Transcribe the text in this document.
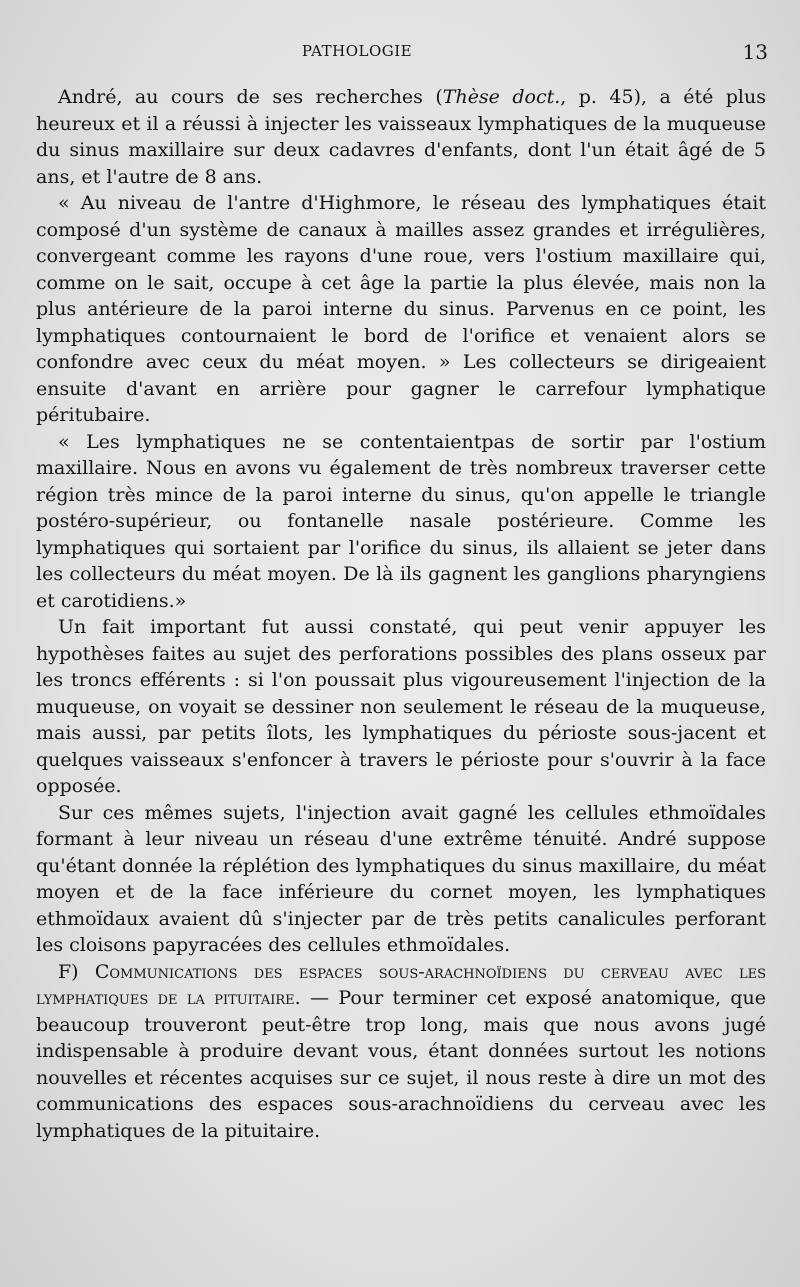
PATHOLOGIE	13

André, au cours de ses recherches (Thèse doct., p. 45), a été plus heureux et il a réussi à injecter les vaisseaux lymphatiques de la muqueuse du sinus maxillaire sur deux cadavres d'enfants, dont l'un était âgé de 5 ans, et l'autre de 8 ans.

« Au niveau de l'antre d'Highmore, le réseau des lymphatiques était composé d'un système de canaux à mailles assez grandes et irrégulières, convergeant comme les rayons d'une roue, vers l'ostium maxillaire qui, comme on le sait, occupe à cet âge la partie la plus élevée, mais non la plus antérieure de la paroi interne du sinus. Parvenus en ce point, les lymphatiques contournaient le bord de l'orifice et venaient alors se confondre avec ceux du méat moyen. » Les collecteurs se dirigeaient ensuite d'avant en arrière pour gagner le carrefour lymphatique péritubaire.

« Les lymphatiques ne se contentaientpas de sortir par l'ostium maxillaire. Nous en avons vu également de très nombreux traverser cette région très mince de la paroi interne du sinus, qu'on appelle le triangle postéro-supérieur, ou fontanelle nasale postérieure. Comme les lymphatiques qui sortaient par l'orifice du sinus, ils allaient se jeter dans les collecteurs du méat moyen. De là ils gagnent les ganglions pharyngiens et carotidiens.»

Un fait important fut aussi constaté, qui peut venir appuyer les hypothèses faites au sujet des perforations possibles des plans osseux par les troncs efférents : si l'on poussait plus vigoureusement l'injection de la muqueuse, on voyait se dessiner non seulement le réseau de la muqueuse, mais aussi, par petits îlots, les lymphatiques du périoste sous-jacent et quelques vaisseaux s'enfoncer à travers le périoste pour s'ouvrir à la face opposée.

Sur ces mêmes sujets, l'injection avait gagné les cellules ethmoïdales formant à leur niveau un réseau d'une extrême ténuité. André suppose qu'étant donnée la réplétion des lymphatiques du sinus maxillaire, du méat moyen et de la face inférieure du cornet moyen, les lymphatiques ethmoïdaux avaient dû s'injecter par de très petits canalicules perforant les cloisons papyracées des cellules ethmoïdales.

F) Communications des espaces sous-arachnoïdiens du cerveau avec les lymphatiques de la pituitaire. — Pour terminer cet exposé anatomique, que beaucoup trouveront peut-être trop long, mais que nous avons jugé indispensable à produire devant vous, étant données surtout les notions nouvelles et récentes acquises sur ce sujet, il nous reste à dire un mot des communications des espaces sous-arachnoïdiens du cerveau avec les lymphatiques de la pituitaire.
